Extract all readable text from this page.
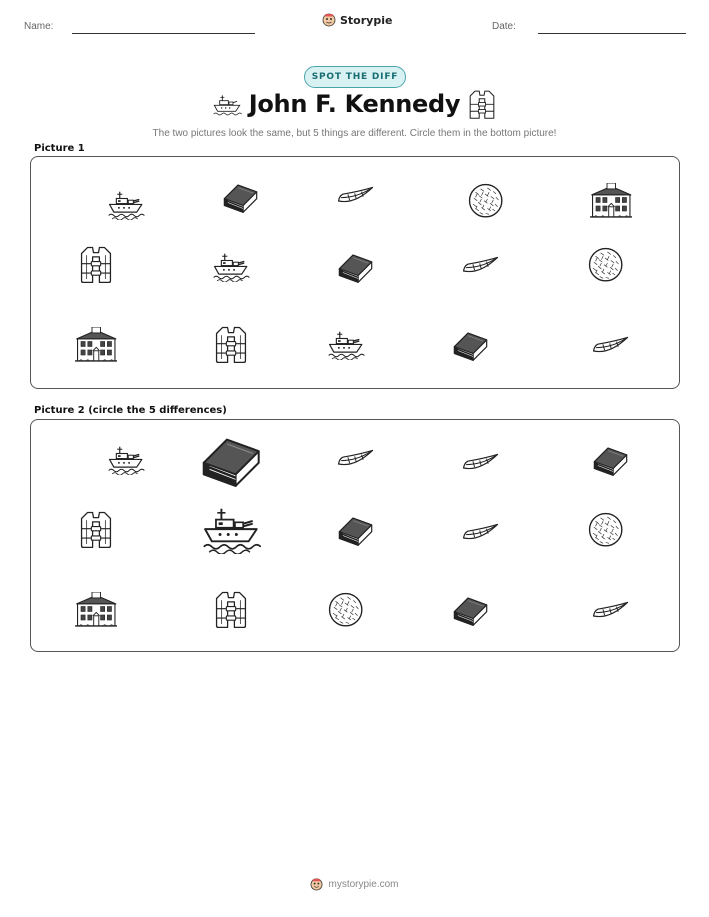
Name:	Storypie	Date:
SPOT THE DIFF
John F. Kennedy

The two pictures look the same, but 5 things are different. Circle them in the bottom picture!

Picture 1
Picture 2 (circle the 5 differences)
mystorypie.com
